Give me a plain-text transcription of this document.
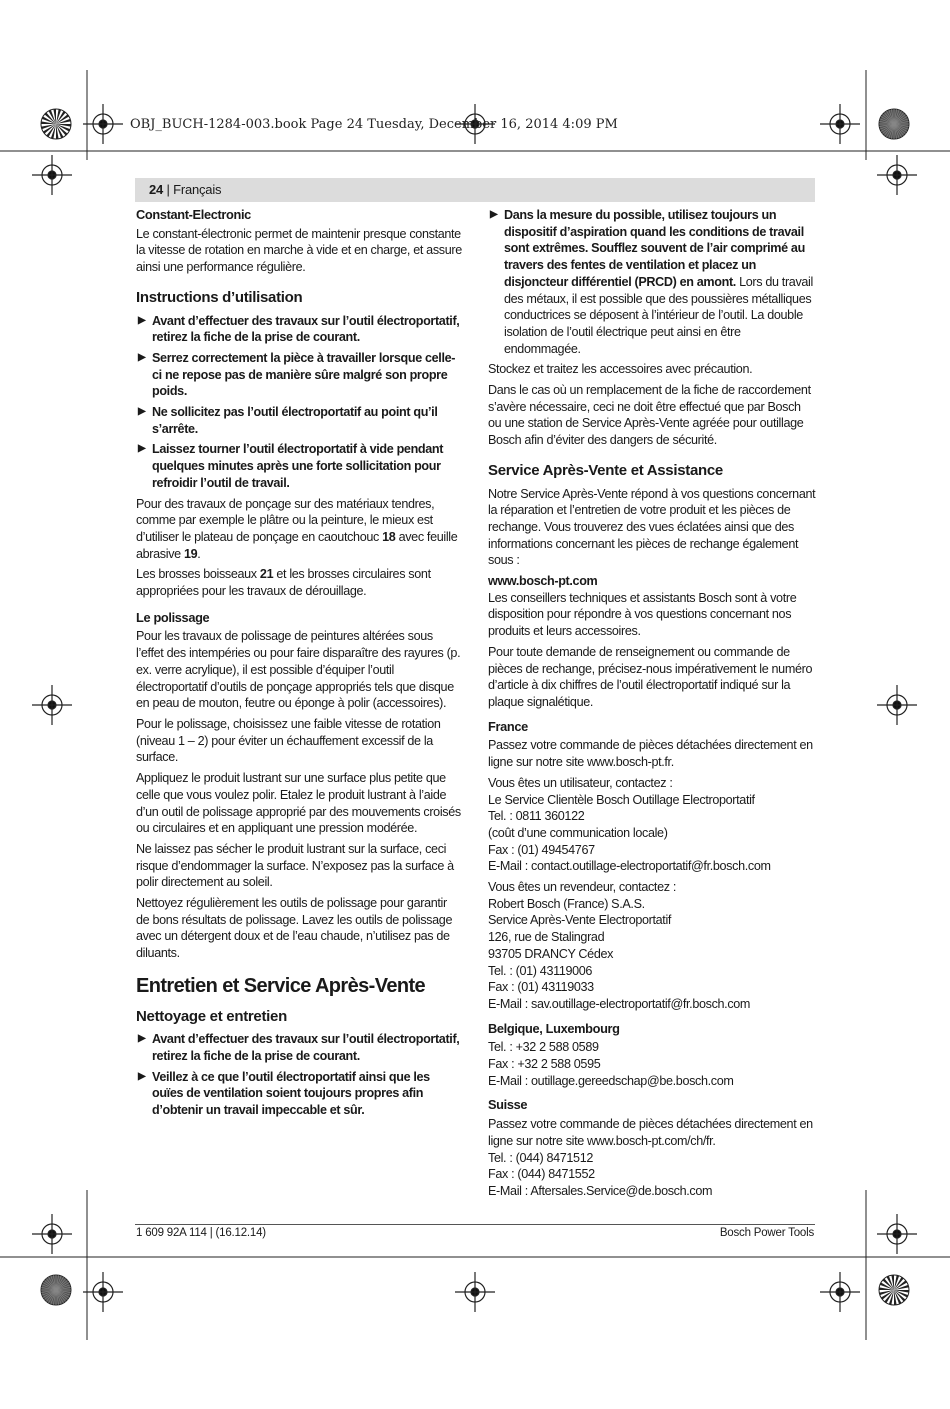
OBJ_BUCH-1284-003.book Page 24 Tuesday, December 16, 2014 4:09 PM
24 | Français
Constant-Electronic

Le constant-électronic permet de maintenir presque constante la vitesse de rotation en marche à vide et en charge, et assure ainsi une performance régulière.

Instructions d’utilisation
▶ Avant d’effectuer des travaux sur l’outil électroportatif, retirez la fiche de la prise de courant.
▶ Serrez correctement la pièce à travailler lorsque celle-ci ne repose pas de manière sûre malgré son propre poids.
▶ Ne sollicitez pas l’outil électroportatif au point qu’il s’arrête.
▶ Laissez tourner l’outil électroportatif à vide pendant quelques minutes après une forte sollicitation pour refroidir l’outil de travail.

Pour des travaux de ponçage sur des matériaux tendres, comme par exemple le plâtre ou la peinture, le mieux est d’utiliser le plateau de ponçage en caoutchouc 18 avec feuille abrasive 19.

Les brosses boisseaux 21 et les brosses circulaires sont appropriées pour les travaux de dérouillage.

Le polissage

Pour les travaux de polissage de peintures altérées sous l’effet des intempéries ou pour faire disparaître des rayures (p. ex. verre acrylique), il est possible d’équiper l’outil électroportatif d’outils de ponçage appropriés tels que disque en peau de mouton, feutre ou éponge à polir (accessoires).

Pour le polissage, choisissez une faible vitesse de rotation (niveau 1 – 2) pour éviter un échauffement excessif de la surface.

Appliquez le produit lustrant sur une surface plus petite que celle que vous voulez polir. Etalez le produit lustrant à l’aide d’un outil de polissage approprié par des mouvements croisés ou circulaires et en appliquant une pression modérée.

Ne laissez pas sécher le produit lustrant sur la surface, ceci risque d’endommager la surface. N’exposez pas la surface à polir directement au soleil.

Nettoyez régulièrement les outils de polissage pour garantir de bons résultats de polissage. Lavez les outils de polissage avec un détergent doux et de l’eau chaude, n’utilisez pas de diluants.

Entretien et Service Après-Vente
Nettoyage et entretien
▶ Avant d’effectuer des travaux sur l’outil électroportatif, retirez la fiche de la prise de courant.
▶ Veillez à ce que l’outil électroportatif ainsi que les ouïes de ventilation soient toujours propres afin d’obtenir un travail impeccable et sûr.
▶ Dans la mesure du possible, utilisez toujours un dispositif d’aspiration quand les conditions de travail sont extrêmes. Soufflez souvent de l’air comprimé au travers des fentes de ventilation et placez un disjoncteur différentiel (PRCD) en amont. Lors du travail des métaux, il est possible que des poussières métalliques conductrices se déposent à l’intérieur de l’outil. La double isolation de l’outil électrique peut ainsi en être endommagée.

Stockez et traitez les accessoires avec précaution.

Dans le cas où un remplacement de la fiche de raccordement s’avère nécessaire, ceci ne doit être effectué que par Bosch ou une station de Service Après-Vente agréée pour outillage Bosch afin d’éviter des dangers de sécurité.

Service Après-Vente et Assistance

Notre Service Après-Vente répond à vos questions concernant la réparation et l’entretien de votre produit et les pièces de rechange. Vous trouverez des vues éclatées ainsi que des informations concernant les pièces de rechange également sous :

www.bosch-pt.com

Les conseillers techniques et assistants Bosch sont à votre disposition pour répondre à vos questions concernant nos produits et leurs accessoires.

Pour toute demande de renseignement ou commande de pièces de rechange, précisez-nous impérativement le numéro d’article à dix chiffres de l’outil électroportatif indiqué sur la plaque signalétique.

France

Passez votre commande de pièces détachées directement en ligne sur notre site www.bosch-pt.fr.

Vous êtes un utilisateur, contactez :
Le Service Clientèle Bosch Outillage Electroportatif
Tel. : 0811 360122
(coût d’une communication locale)
Fax : (01) 49454767
E-Mail : contact.outillage-electroportatif@fr.bosch.com

Vous êtes un revendeur, contactez :
Robert Bosch (France) S.A.S.
Service Après-Vente Electroportatif
126, rue de Stalingrad
93705 DRANCY Cédex
Tel. : (01) 43119006
Fax : (01) 43119033
E-Mail : sav.outillage-electroportatif@fr.bosch.com

Belgique, Luxembourg

Tel. : +32 2 588 0589
Fax : +32 2 588 0595
E-Mail : outillage.gereedschap@be.bosch.com

Suisse

Passez votre commande de pièces détachées directement en ligne sur notre site www.bosch-pt.com/ch/fr.
Tel. : (044) 8471512
Fax : (044) 8471552
E-Mail : Aftersales.Service@de.bosch.com

1 609 92A 114 | (16.12.14)	Bosch Power Tools
